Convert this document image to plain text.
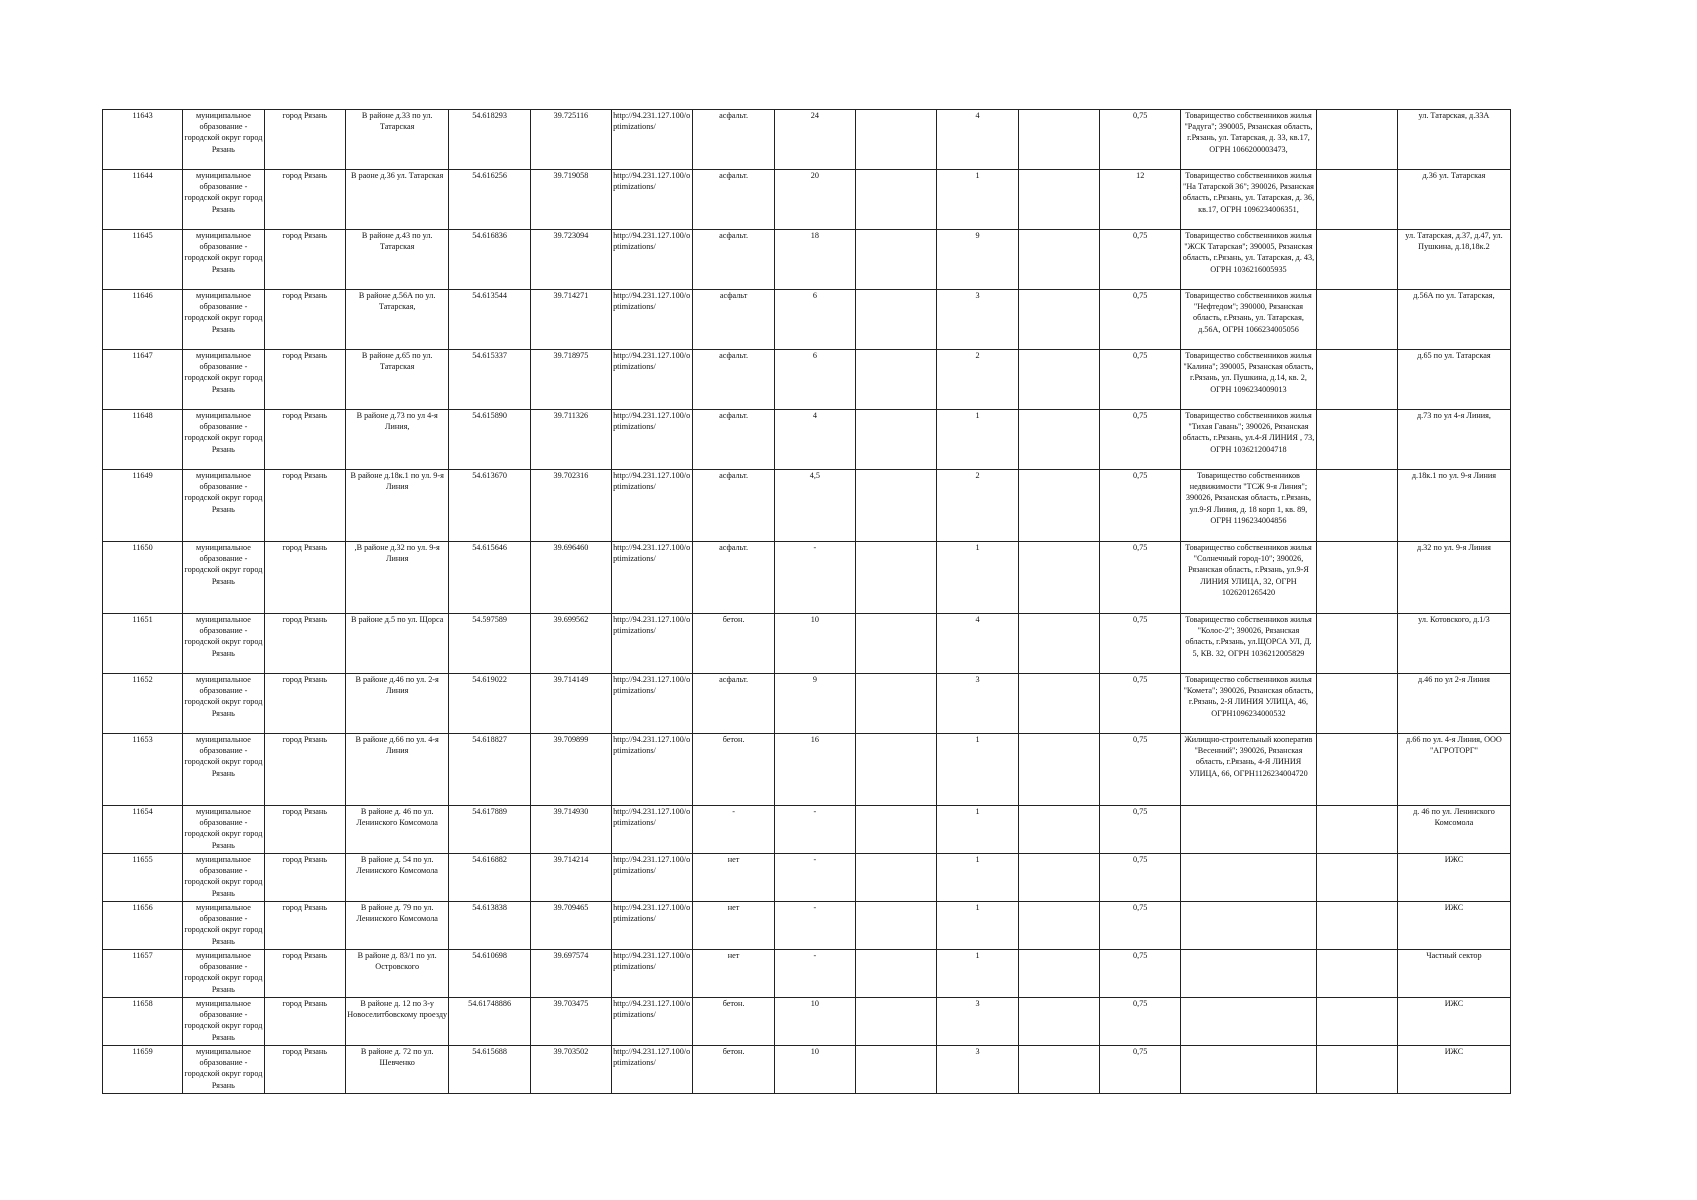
11643	муниципальное образование - городской округ город Рязань	город Рязань	В районе д.33 по ул. Татарская	54.618293	39.725116	http://94.231.127.100/optimizations/	асфальт.	24		4		0,75	Товарищество собственников жилья "Радуга"; 390005, Рязанская область, г.Рязань, ул. Татарская, д. 33, кв.17, ОГРН 1066200003473,		ул. Татарская, д.33А
11644	муниципальное образование - городской округ город Рязань	город Рязань	В раоне д.36 ул. Татарская	54.616256	39.719058	http://94.231.127.100/optimizations/	асфальт.	20		1		12	Товарищество собственников жилья "На Татарской 36"; 390026, Рязанская область, г.Рязань, ул. Татарская, д. 36, кв.17, ОГРН 1096234006351,		д.36 ул. Татарская
11645	муниципальное образование - городской округ город Рязань	город Рязань	В районе д.43 по ул. Татарская	54.616836	39.723094	http://94.231.127.100/optimizations/	асфальт.	18		9		0,75	Товарищество собственников жилья "ЖСК Татарская"; 390005, Рязанская область, г.Рязань, ул. Татарская, д. 43, ОГРН 1036216005935		ул. Татарская, д.37, д.47, ул. Пушкина, д.18,18к.2
11646	муниципальное образование - городской округ город Рязань	город Рязань	В районе д.56А по ул. Татарская,	54.613544	39.714271	http://94.231.127.100/optimizations/	асфальт	6		3		0,75	Товарищество собственников жилья "Нефтедом"; 390000, Рязанская область, г.Рязань, ул. Татарская, д.56А, ОГРН 1066234005056		д.56А по ул. Татарская,
11647	муниципальное образование - городской округ город Рязань	город Рязань	В районе д.65 по ул. Татарская	54.615337	39.718975	http://94.231.127.100/optimizations/	асфальт.	6		2		0,75	Товарищество собственников жилья "Калина"; 390005, Рязанская область, г.Рязань, ул. Пушкина, д.14, кв. 2, ОГРН 1096234009013		д.65 по ул. Татарская
11648	муниципальное образование - городской округ город Рязань	город Рязань	В районе д.73 по ул 4-я Линия,	54.615890	39.711326	http://94.231.127.100/optimizations/	асфальт.	4		1		0,75	Товарищество собственников жилья "Тихая Гавань"; 390026, Рязанская область, г.Рязань, ул.4-Я ЛИНИЯ , 73, ОГРН 1036212004718		д.73 по ул 4-я Линия,
11649	муниципальное образование - городской округ город Рязань	город Рязань	В районе д.18к.1 по ул. 9-я Линия	54.613670	39.702316	http://94.231.127.100/optimizations/	асфальт.	4,5		2		0,75	Товарищество собственников недвижимости "ТСЖ 9-я Линия"; 390026, Рязанская область, г.Рязань, ул.9-Я Линия, д. 18 корп 1, кв. 89, ОГРН 1196234004856		д.18к.1 по ул. 9-я Линия
11650	муниципальное образование - городской округ город Рязань	город Рязань	,В районе д.32 по ул. 9-я Линия	54.615646	39.696460	http://94.231.127.100/optimizations/	асфальт.	-		1		0,75	Товарищество собственников жилья "Солнечный город-10"; 390026, Рязанская область, г.Рязань, ул.9-Я ЛИНИЯ УЛИЦА, 32, ОГРН 1026201265420		д.32 по ул. 9-я Линия
11651	муниципальное образование - городской округ город Рязань	город Рязань	В районе д.5 по ул. Щорса	54.597589	39.699562	http://94.231.127.100/optimizations/	бетон.	10		4		0,75	Товарищество собственников жилья "Колос-2"; 390026, Рязанская область, г.Рязань, ул.ЩОРСА УЛ, Д. 5, КВ. 32, ОГРН 1036212005829		ул. Котовского, д.1/3
11652	муниципальное образование - городской округ город Рязань	город Рязань	В районе д.46 по ул. 2-я Линия	54.619022	39.714149	http://94.231.127.100/optimizations/	асфальт.	9		3		0,75	Товарищество собственников жилья "Комета"; 390026, Рязанская область, г.Рязань, 2-Я ЛИНИЯ УЛИЦА, 46, ОГРН1096234000532		д.46 по ул 2-я Линия
11653	муниципальное образование - городской округ город Рязань	город Рязань	В районе д.66 по ул. 4-я Линия	54.618827	39.709899	http://94.231.127.100/optimizations/	бетон.	16		1		0,75	Жилищно-строительный кооператив "Весенний"; 390026, Рязанская область, г.Рязань, 4-Я ЛИНИЯ УЛИЦА, 66, ОГРН1126234004720		д.66 по ул. 4-я Линия, ООО "АГРОТОРГ"
11654	муниципальное образование - городской округ город Рязань	город Рязань	В районе д. 46 по ул. Ленинского Комсомола	54.617889	39.714930	http://94.231.127.100/optimizations/	-	-		1		0,75			д. 46 по ул. Ленинского Комсомола
11655	муниципальное образование - городской округ город Рязань	город Рязань	В районе д. 54 по ул. Ленинского Комсомола	54.616882	39.714214	http://94.231.127.100/optimizations/	нет	-		1		0,75			ИЖС
11656	муниципальное образование - городской округ город Рязань	город Рязань	В районе д. 79 по ул. Ленинского Комсомола	54.613838	39.709465	http://94.231.127.100/optimizations/	нет	-		1		0,75			ИЖС
11657	муниципальное образование - городской округ город Рязань	город Рязань	В районе д. 83/1 по ул. Островского	54.610698	39.697574	http://94.231.127.100/optimizations/	нет	-		1		0,75			Частный сектор
11658	муниципальное образование - городской округ город Рязань	город Рязань	В районе д. 12 по 3-у Новоселитбовскому проезду	54.61748886	39.703475	http://94.231.127.100/optimizations/	бетон.	10		3		0,75			ИЖС
11659	муниципальное образование - городской округ город Рязань	город Рязань	В районе д. 72 по ул. Шевченко	54.615688	39.703502	http://94.231.127.100/optimizations/	бетон.	10		3		0,75			ИЖС
